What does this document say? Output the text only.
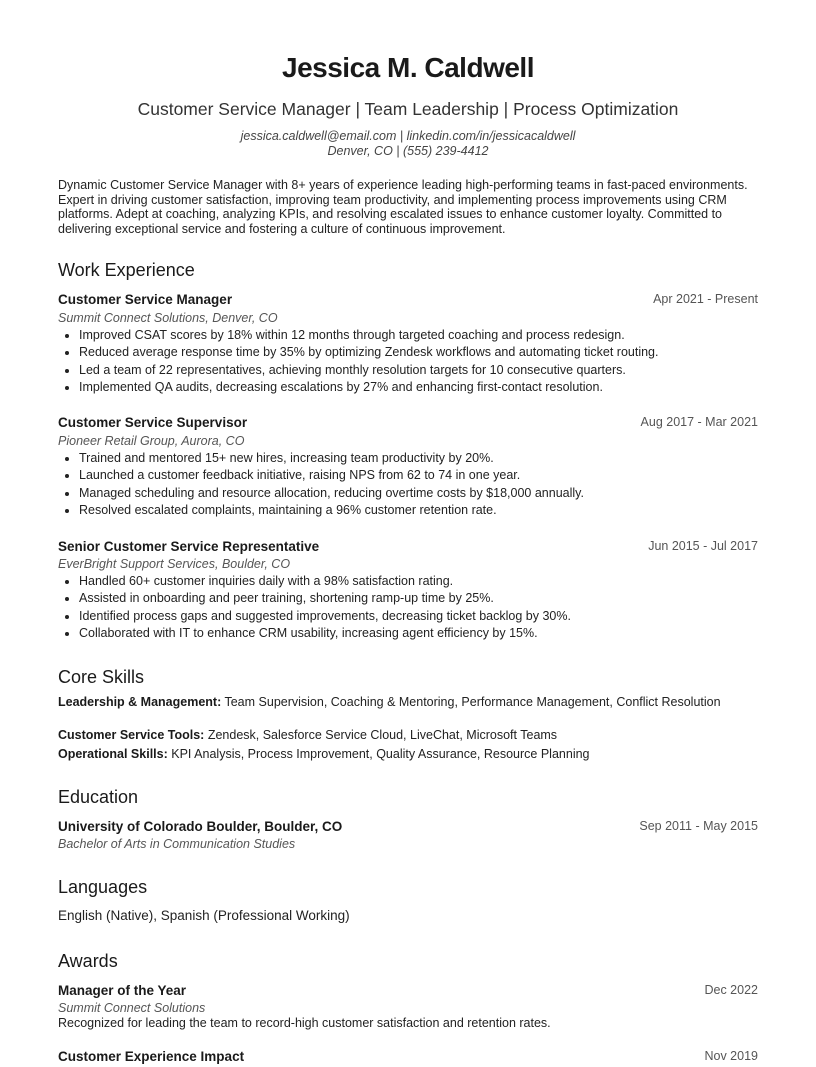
Jessica M. Caldwell
Customer Service Manager | Team Leadership | Process Optimization
jessica.caldwell@email.com | linkedin.com/in/jessicacaldwell
Denver, CO | (555) 239-4412
Dynamic Customer Service Manager with 8+ years of experience leading high-performing teams in fast-paced environments. Expert in driving customer satisfaction, improving team productivity, and implementing process improvements using CRM platforms. Adept at coaching, analyzing KPIs, and resolving escalated issues to enhance customer loyalty. Committed to delivering exceptional service and fostering a culture of continuous improvement.
Work Experience
Customer Service Manager	Apr 2021 - Present
Summit Connect Solutions, Denver, CO
• Improved CSAT scores by 18% within 12 months through targeted coaching and process redesign.
• Reduced average response time by 35% by optimizing Zendesk workflows and automating ticket routing.
• Led a team of 22 representatives, achieving monthly resolution targets for 10 consecutive quarters.
• Implemented QA audits, decreasing escalations by 27% and enhancing first-contact resolution.
Customer Service Supervisor	Aug 2017 - Mar 2021
Pioneer Retail Group, Aurora, CO
• Trained and mentored 15+ new hires, increasing team productivity by 20%.
• Launched a customer feedback initiative, raising NPS from 62 to 74 in one year.
• Managed scheduling and resource allocation, reducing overtime costs by $18,000 annually.
• Resolved escalated complaints, maintaining a 96% customer retention rate.
Senior Customer Service Representative	Jun 2015 - Jul 2017
EverBright Support Services, Boulder, CO
• Handled 60+ customer inquiries daily with a 98% satisfaction rating.
• Assisted in onboarding and peer training, shortening ramp-up time by 25%.
• Identified process gaps and suggested improvements, decreasing ticket backlog by 30%.
• Collaborated with IT to enhance CRM usability, increasing agent efficiency by 15%.
Core Skills
Leadership & Management: Team Supervision, Coaching & Mentoring, Performance Management, Conflict Resolution
Customer Service Tools: Zendesk, Salesforce Service Cloud, LiveChat, Microsoft Teams
Operational Skills: KPI Analysis, Process Improvement, Quality Assurance, Resource Planning
Education
University of Colorado Boulder, Boulder, CO	Sep 2011 - May 2015
Bachelor of Arts in Communication Studies
Languages
English (Native), Spanish (Professional Working)
Awards
Manager of the Year	Dec 2022
Summit Connect Solutions
Recognized for leading the team to record-high customer satisfaction and retention rates.
Customer Experience Impact	Nov 2019
